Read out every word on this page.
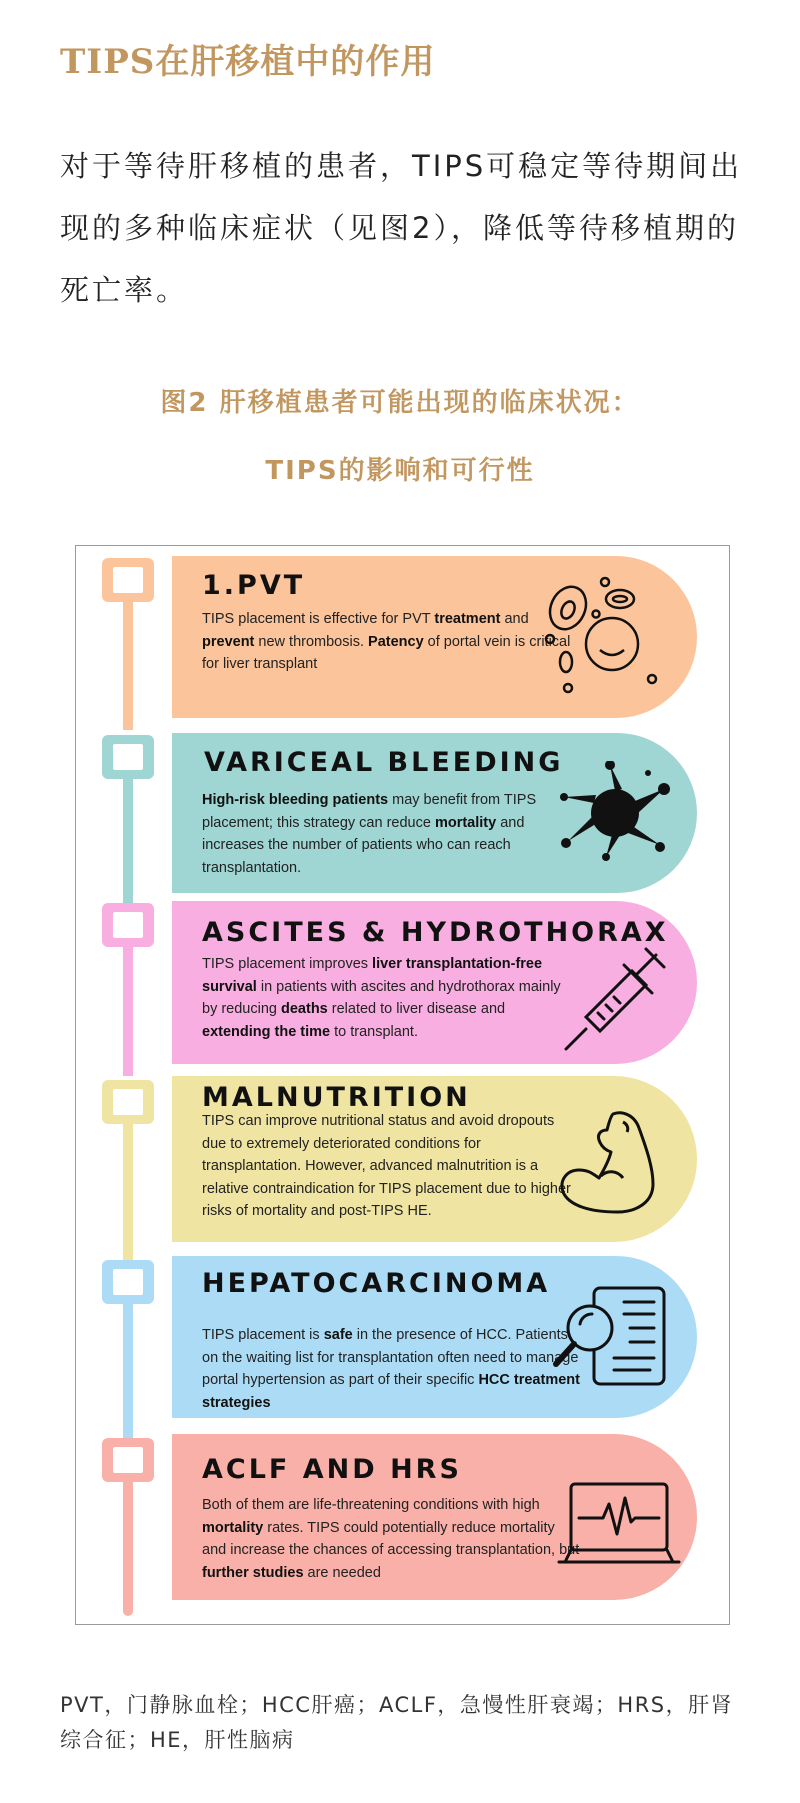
TIPS在肝移植中的作用
对于等待肝移植的患者，TIPS可稳定等待期间出现的多种临床症状（见图2），降低等待移植期的死亡率。
图2 肝移植患者可能出现的临床状况：
TIPS的影响和可行性
1.PVT
TIPS placement is effective for PVT treatment and prevent new thrombosis. Patency of portal vein is critical for liver transplant
VARICEAL BLEEDING
High-risk bleeding patients may benefit from TIPS placement; this strategy can reduce mortality and increases the number of patients who can reach transplantation.
ASCITES & HYDROTHORAX
TIPS placement improves liver transplantation-free survival in patients with ascites and hydrothorax mainly by reducing deaths related to liver disease and extending the time to transplant.
MALNUTRITION
TIPS can improve nutritional status and avoid dropouts due to extremely deteriorated conditions for transplantation. However, advanced malnutrition is a relative contraindication for TIPS placement due to higher risks of mortality and post-TIPS HE.
HEPATOCARCINOMA
TIPS placement is safe in the presence of HCC. Patients on the waiting list for transplantation often need to manage portal hypertension as part of their specific HCC treatment strategies
ACLF AND HRS
Both of them are life-threatening conditions with high mortality rates. TIPS could potentially reduce mortality and increase the chances of accessing transplantation, but further studies are needed
PVT，门静脉血栓；HCC肝癌；ACLF，急慢性肝衰竭；HRS，肝肾综合征；HE，肝性脑病
